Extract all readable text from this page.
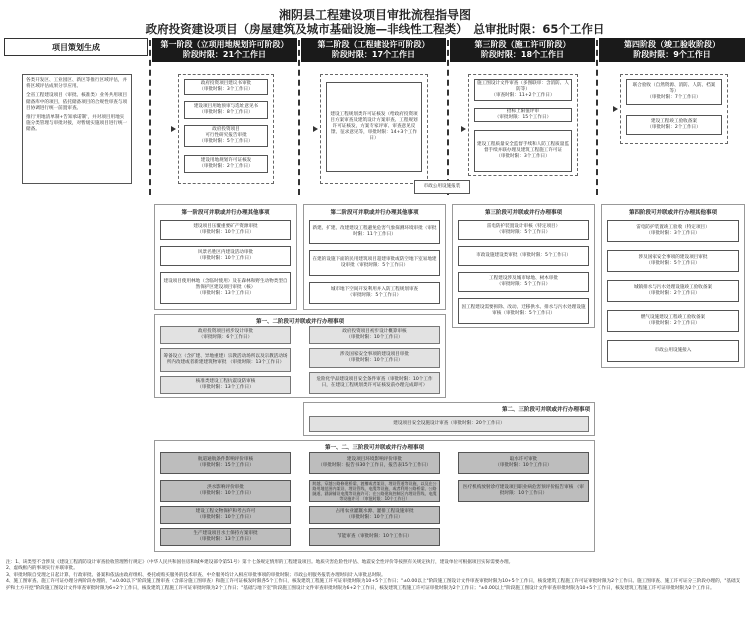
湘阴县工程建设项目审批流程指导图
政府投资建设项目（房屋建筑及城市基础设施—非线性工程类）　总审批时限：65个工作日
项目策划生成	第一阶段（立项用地规划许可阶段）
阶段时限：21个工作日
第二阶段（工程建设许可阶段）
阶段时限：17个工作日
第三阶段（施工许可阶段）
阶段时限：18个工作日
第四阶段（竣工验收阶段）
阶段时限：9个工作日
各类开发区、工业园区、新区等推行区域评估，并将区域评估成果分享应用。
全省工程建设项目（审批、核准类）业务共用项目储备库中的项目，依托储备项目的合规性审查与项目协调进行统一前置审查。
推行'用地清单制+告知承诺制'，并对项目用地实施分类管理与审批对接，对暂缓实施项目进行统一储备。
政府投资项目建议书审批
（审批时限：3个工作日）
建设项目用地预审与选址意见书
（审批时限：8个工作日）
政府投资项目
可行性研究报告审批
（审批时限：5个工作日）
建设用地规划许可证核发
（审批时限：2个工作日）
建设工程规划类许可证核发（给政府投资项目方案审查及建筑设计方案审查、工程规划许可证核发，方案专家评审、审查意见反馈、征求意见等，审批时限：14+3个工作日）
施工图设计文件审查（多图联审：含消防、人防等）
（审查时限：11+2个工作日）
招标上限值评审
（审批时限：15个工作日）
建设工程质量安全监督手续和人防工程质量监督手续并联办理及建筑工程施工许可证
（审批时限：3个工作日）
市政公用设施报装
联合验收（自然资源、消防、人防、档案等）
（审批时限：7个工作日）
建设工程竣工验收备案
（审批时限：2个工作日）
第一阶段可并联或并行办理其他事项
建设项目压覆重要矿产资源审批
（审批时限：10个工作日）
风景名胜区内建设活动审批
（审批时限：10个工作日）
建设项目使用林地（含临时使用）及在森林和野生动物类型自然保护区建设项目审批（核）
（审批时限：13个工作日）
第二阶段可并联或并行办理其他事项
新建、扩建、改建建设工程避免危害气象探测环境审批（审批时限：11个工作日）
在建的设施下面的民用建筑项目超建审批或防空地下室易地建设审批（审批时限：5个工作日）
城市地下空间开发利用并入防工程规划审查
（审批时限：5个工作日）
第三阶段可并联或并行办理事项
雷电防护装置设计审核（特定项目）
（审批时限：5个工作日）
市政设施建设类审批（审批时限：5个工作日）
工程建设涉及城市绿地、树木审批
（审批时限：5个工作日）
因工程建设需要拆除、改动、迁移供水、排水与污水处理设施审核（审批时限：5个工作日）
第四阶段可并联或并行办理其他事项
雷电防护装置竣工验收（特定项目）
（审批时限：3个工作日）
涉及国家安全事项的建设项目审批
（审批时限：5个工作日）
城镇排水与污水处理设施竣工验收备案
（审批时限：2个工作日）
燃气设施建设工程竣工验收备案
（审批时限：2个工作日）
市政公用设施接入
第一、二阶段可并联或并行办理事项
政府投资项目初步设计审批
（审批时限：6个工作日）
筹备设立（含扩建、异地重建）宗教活动场所以及宗教活动场所内改建或者新建建筑物审批 （审批时限：13个工作日）
核准类建设工程抗震设防审核
（审批时限：13个工作日）
政府投资项目初步设计概算审核
（审批时限：10个工作日）
涉及国家安全事项的建设项目审批
（审批时限：10个工作日）
危险化学品建设项目安全条件审查（审批时限：10个工作日，在建设工程规划类许可证核发前办理完成即可）
第二、三阶段可并联或并行办理事项
建设项目安全设施设计审查（审批时限：20个工作日）
第一、二、三阶段可并联或并行办理事项
航道通航条件影响评价审核
（审批时限：15个工作日）
建设项目环境影响评价审批
（审批时限：报告书30个工作日，报告表15个工作日）
取水许可审批
（审批时限：10个工作日）
洪水影响评价审批
（审批时限：10个工作日）
跨越、穿越公路修建桥梁、渡槽或者架设、埋设管道等设施，以及在公路用地范围内架设、埋设管线、电缆等设施，或者利用公路桥梁、公路隧道、涵洞铺设电缆等设施许可；在公路建筑控制区内埋设管线、电缆等设施许可 （审批时限：10个工作日）
医疗机构放射诊疗建设项目职业病危害预评价报告审核 （审批时限：10个工作日）
建设工程文物保护和考古许可
（审批时限：10个工作日）
占用农业灌溉水源、灌排工程设施审批
（审批时限：10个工作日）
生产建设项目水土保持方案审批
（审批时限：13个工作日）
节能审查（审批时限：10个工作日）
注：1、该类型不含涉及《建设工程消防设计审查验收管理暂行规定》（中华人民共和国住房和城乡建设部令第51号）第十七条规定情形的工程建设项目。地质灾害危险性评估、地震安全性评价等按照有关规定执行，建设单位可根据项目实际需要办理。
2、虚线框内的事项实行并联审批。
3、审批时限自受理之日起计算，行政审批、备案和依法由政府组织、委托或购买服务的技术审查、中介服务均计入相应审批事项的审批时限；市政公用服务报装办理时间计入审批总时限。
4、施工图审查、施工许可证办理分两阶段办理的，"±0.00以下"阶段施工图审查（含部分施工图审查）和施工许可证核发时限各5个工作日，核发建筑工程施工许可证审批时限为10+5个工作日；"±0.00以上"阶段施工图设计文件审查审批时限为10+5个工作日，核发建筑工程施工许可证审批时限为2个工作日。施工图审查、施工许可证分三阶段办理的，"基础支护和土方开挖"阶段施工图设计文件审查审批时限为6+2个工作日，核发建筑工程施工许可证审批时限为2个工作日；"基础与地下室"阶段施工图设计文件审查审批时限为6+2个工作日，核发建筑工程施工许可证审批时限为2个工作日；"±0.00以上"阶段施工图设计文件审查审批时限为10+5个工作日，核发建筑工程施工许可证审批时限为2个工作日。
